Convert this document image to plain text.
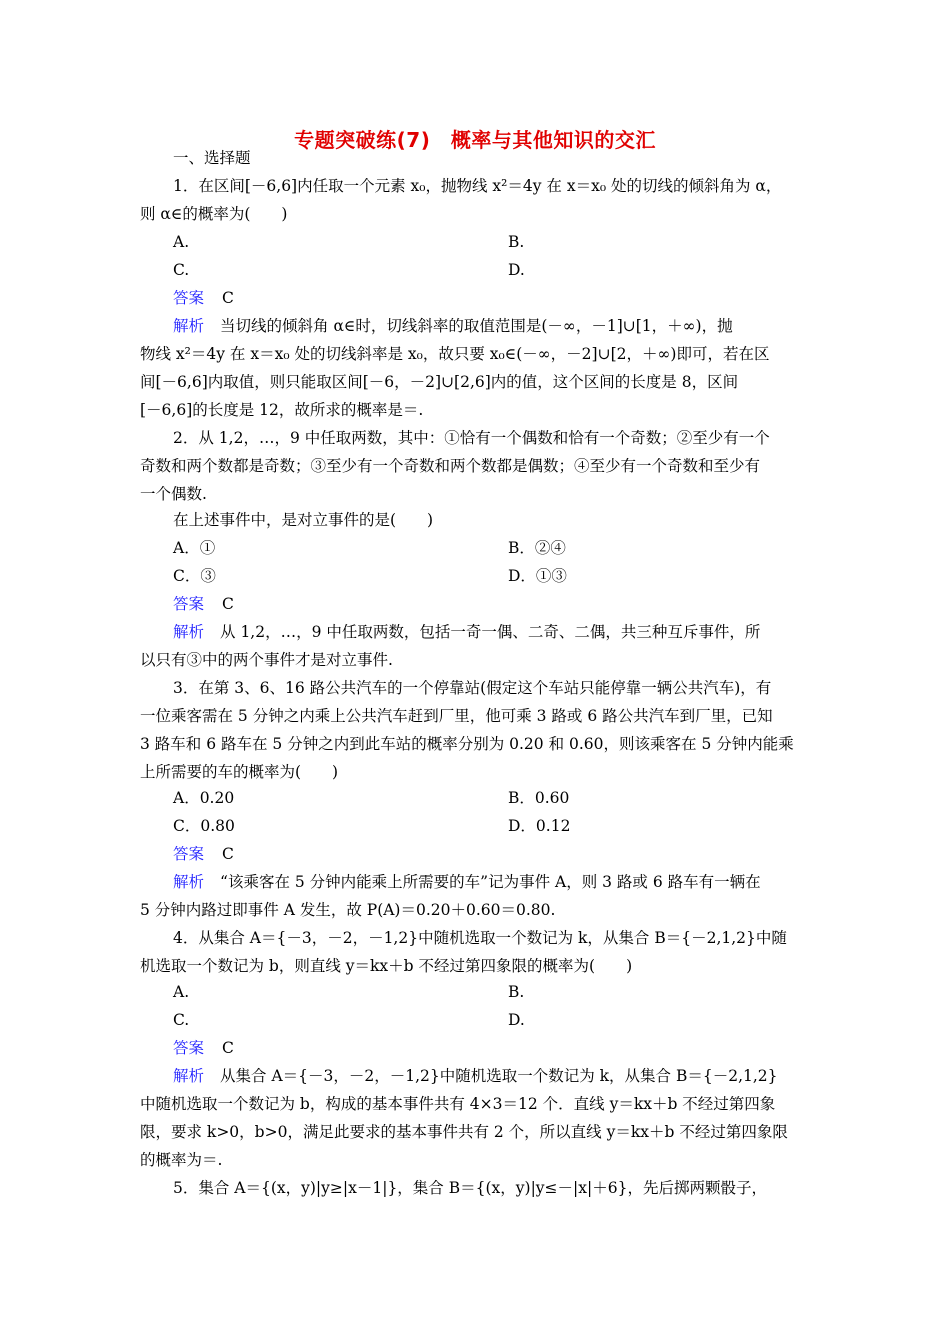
专题突破练(7)　概率与其他知识的交汇
一、选择题
1．在区间[－6,6]内任取一个元素 x₀，抛物线 x²＝4y 在 x＝x₀ 处的切线的倾斜角为 α，
则 α∈的概率为(　　)
A.	B.
C.	D.
答案 C
解析 当切线的倾斜角 α∈时，切线斜率的取值范围是(－∞，－1]∪[1，＋∞)，抛
物线 x²＝4y 在 x＝x₀ 处的切线斜率是 x₀，故只要 x₀∈(－∞，－2]∪[2，＋∞)即可，若在区
间[－6,6]内取值，则只能取区间[－6，－2]∪[2,6]内的值，这个区间的长度是 8，区间
[－6,6]的长度是 12，故所求的概率是＝.
2．从 1,2，…，9 中任取两数，其中：①恰有一个偶数和恰有一个奇数；②至少有一个
奇数和两个数都是奇数；③至少有一个奇数和两个数都是偶数；④至少有一个奇数和至少有
一个偶数.
在上述事件中，是对立事件的是(　　)
A．①	B．②④
C．③	D．①③
答案 C
解析 从 1,2，…，9 中任取两数，包括一奇一偶、二奇、二偶，共三种互斥事件，所
以只有③中的两个事件才是对立事件.
3．在第 3、6、16 路公共汽车的一个停靠站(假定这个车站只能停靠一辆公共汽车)，有
一位乘客需在 5 分钟之内乘上公共汽车赶到厂里，他可乘 3 路或 6 路公共汽车到厂里，已知
3 路车和 6 路车在 5 分钟之内到此车站的概率分别为 0.20 和 0.60，则该乘客在 5 分钟内能乘
上所需要的车的概率为(　　)
A．0.20	B．0.60
C．0.80	D．0.12
答案 C
解析 “该乘客在 5 分钟内能乘上所需要的车”记为事件 A，则 3 路或 6 路车有一辆在
5 分钟内路过即事件 A 发生，故 P(A)＝0.20＋0.60＝0.80.
4．从集合 A＝{－3，－2，－1,2}中随机选取一个数记为 k，从集合 B＝{－2,1,2}中随
机选取一个数记为 b，则直线 y＝kx＋b 不经过第四象限的概率为(　　)
A.	B.
C.	D.
答案 C
解析 从集合 A＝{－3，－2，－1,2}中随机选取一个数记为 k，从集合 B＝{－2,1,2}
中随机选取一个数记为 b，构成的基本事件共有 4×3＝12 个．直线 y＝kx＋b 不经过第四象
限，要求 k>0，b>0，满足此要求的基本事件共有 2 个，所以直线 y＝kx＋b 不经过第四象限
的概率为＝.
5．集合 A＝{(x，y)|y≥|x－1|}，集合 B＝{(x，y)|y≤－|x|＋6}，先后掷两颗骰子，
